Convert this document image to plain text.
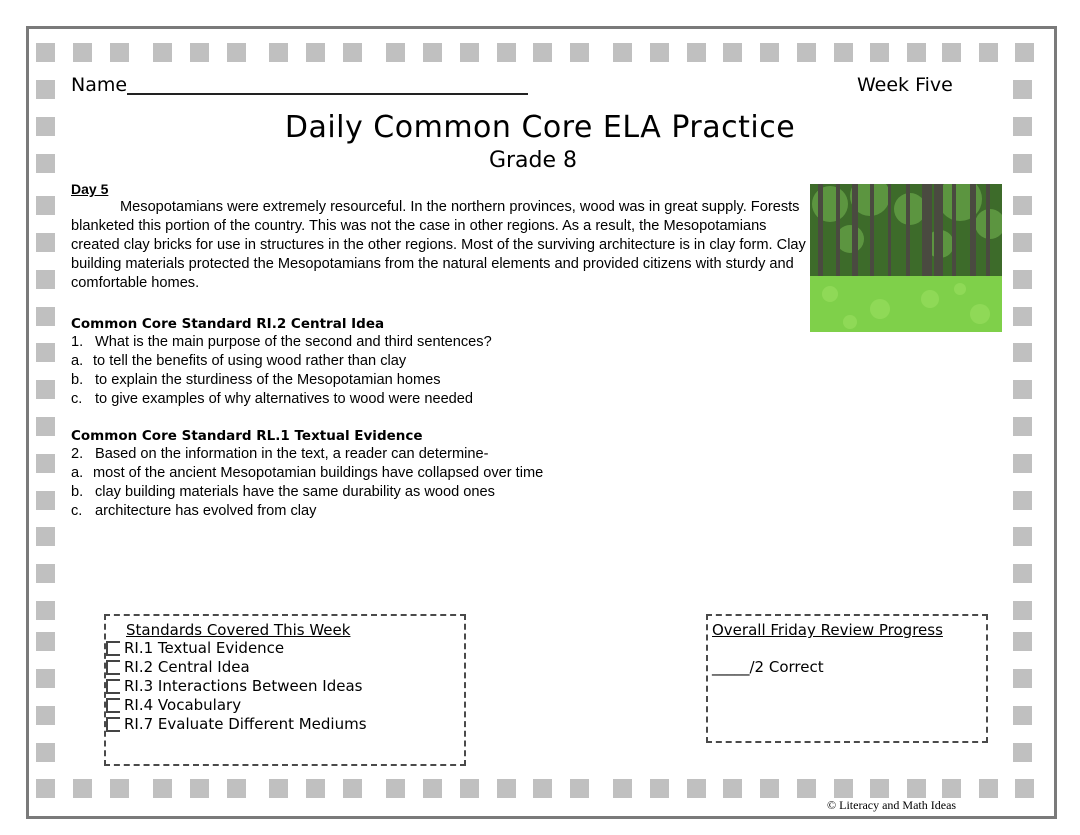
Name	Week Five
Daily Common Core ELA Practice
Grade 8
Day 5

Mesopotamians were extremely resourceful. In the northern provinces, wood was in great supply. Forests blanketed this portion of the country. This was not the case in other regions. As a result, the Mesopotamians created clay bricks for use in structures in the other regions. Most of the surviving architecture is in clay form. Clay building materials protected the Mesopotamians from the natural elements and provided citizens with sturdy and comfortable homes.

Common Core Standard RI.2 Central Idea
1. What is the main purpose of the second and third sentences?
a. to tell the benefits of using wood rather than clay
b. to explain the sturdiness of the Mesopotamian homes
c. to give examples of why alternatives to wood were needed
Common Core Standard RL.1 Textual Evidence
2. Based on the information in the text, a reader can determine-
a. most of the ancient Mesopotamian buildings have collapsed over time
b. clay building materials have the same durability as wood ones
c. architecture has evolved from clay
Standards Covered This Week
RI.1 Textual Evidence
RI.2 Central Idea
RI.3 Interactions Between Ideas
RI.4 Vocabulary
RI.7 Evaluate Different Mediums
Overall Friday Review Progress
_____/2 Correct
© Literacy and Math Ideas
